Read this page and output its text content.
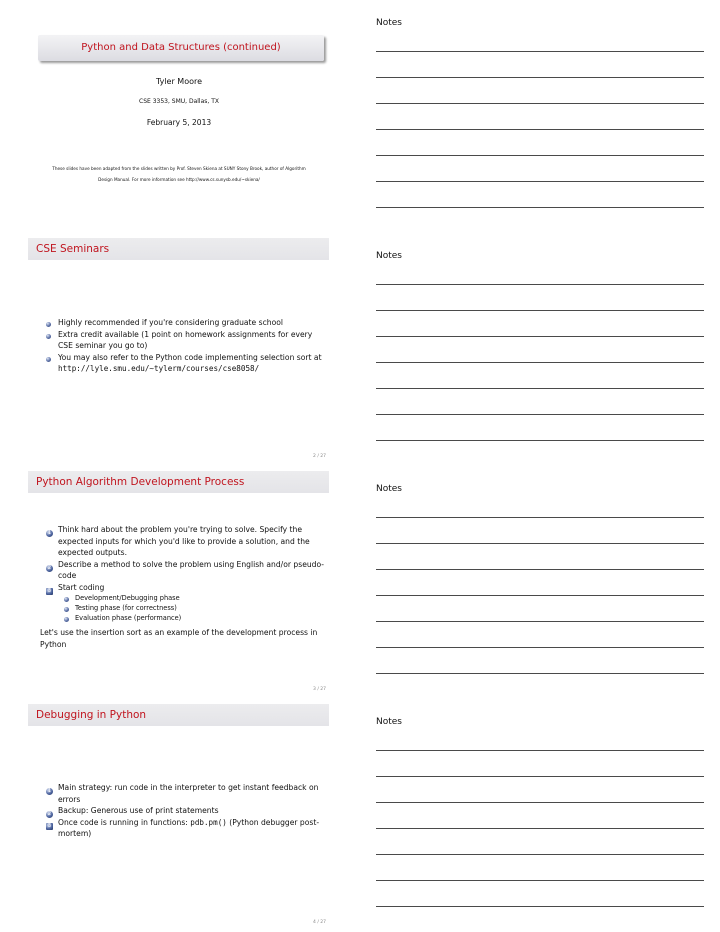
Python and Data Structures (continued)
Tyler Moore
CSE 3353, SMU, Dallas, TX
February 5, 2013
These slides have been adapted from the slides written by Prof. Steven Skiena at SUNY Stony Brook, author of Algorithm
Design Manual. For more information see http://www.cs.sunysb.edu/~skiena/
CSE Seminars
Highly recommended if you're considering graduate school
Extra credit available (1 point on homework assignments for every CSE seminar you go to)
You may also refer to the Python code implementing selection sort at http://lyle.smu.edu/~tylerm/courses/cse8058/
2 / 27
Python Algorithm Development Process
1 Think hard about the problem you're trying to solve. Specify the expected inputs for which you'd like to provide a solution, and the expected outputs.
2 Describe a method to solve the problem using English and/or pseudo-code
3 Start coding
Development/Debugging phase
Testing phase (for correctness)
Evaluation phase (performance)
Let's use the insertion sort as an example of the development process in Python
3 / 27
Debugging in Python
1 Main strategy: run code in the interpreter to get instant feedback on errors
2 Backup: Generous use of print statements
3 Once code is running in functions: pdb.pm() (Python debugger post-mortem)
4 / 27
Notes
Notes
Notes
Notes
